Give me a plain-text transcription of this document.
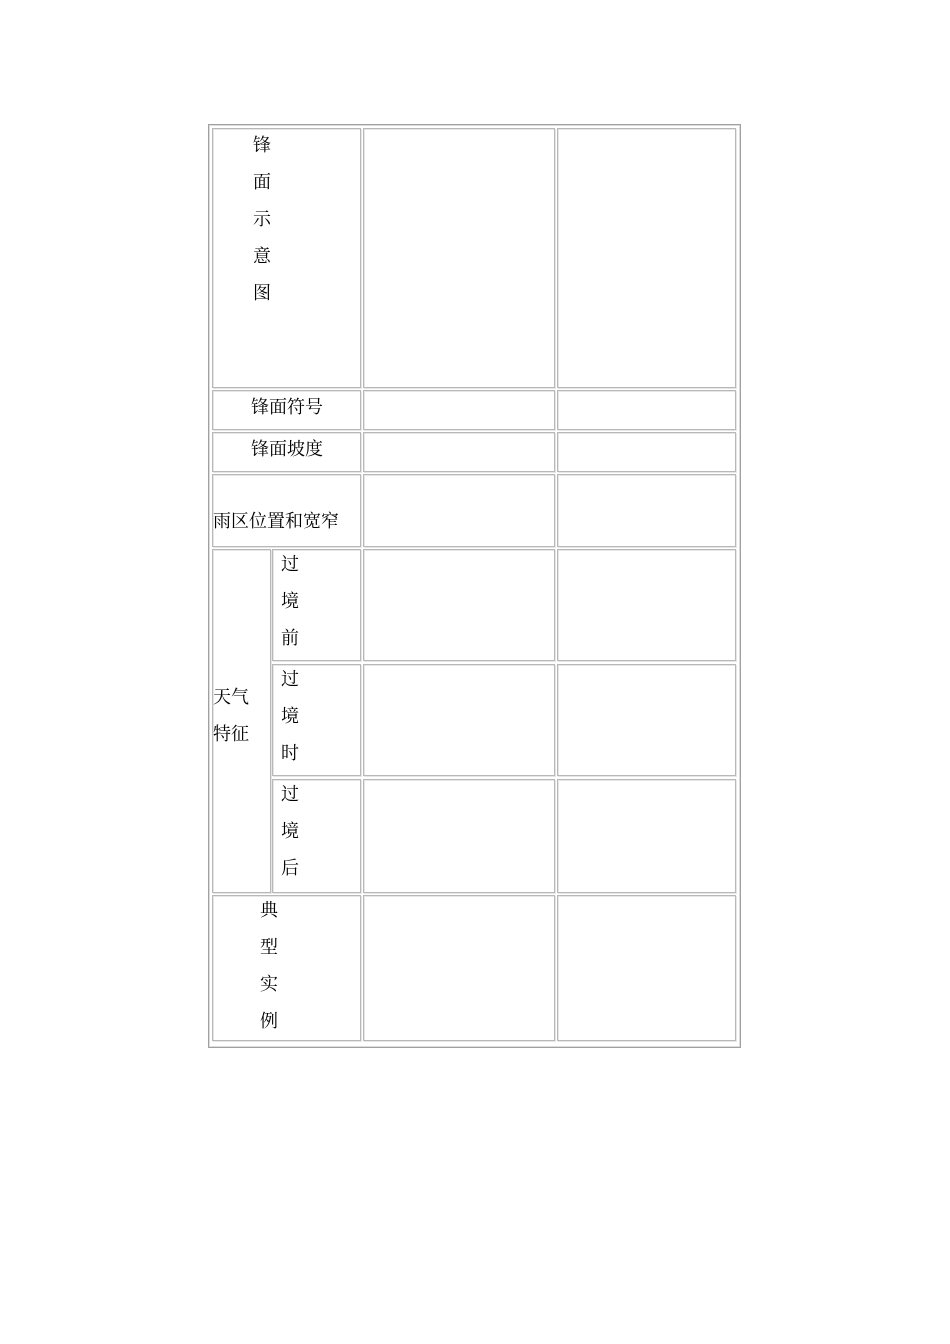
锋
面
示
意
图
锋面符号
锋面坡度
雨区位置和宽窄
天气
特征
过
境
前
过
境
时
过
境
后
典
型
实
例
